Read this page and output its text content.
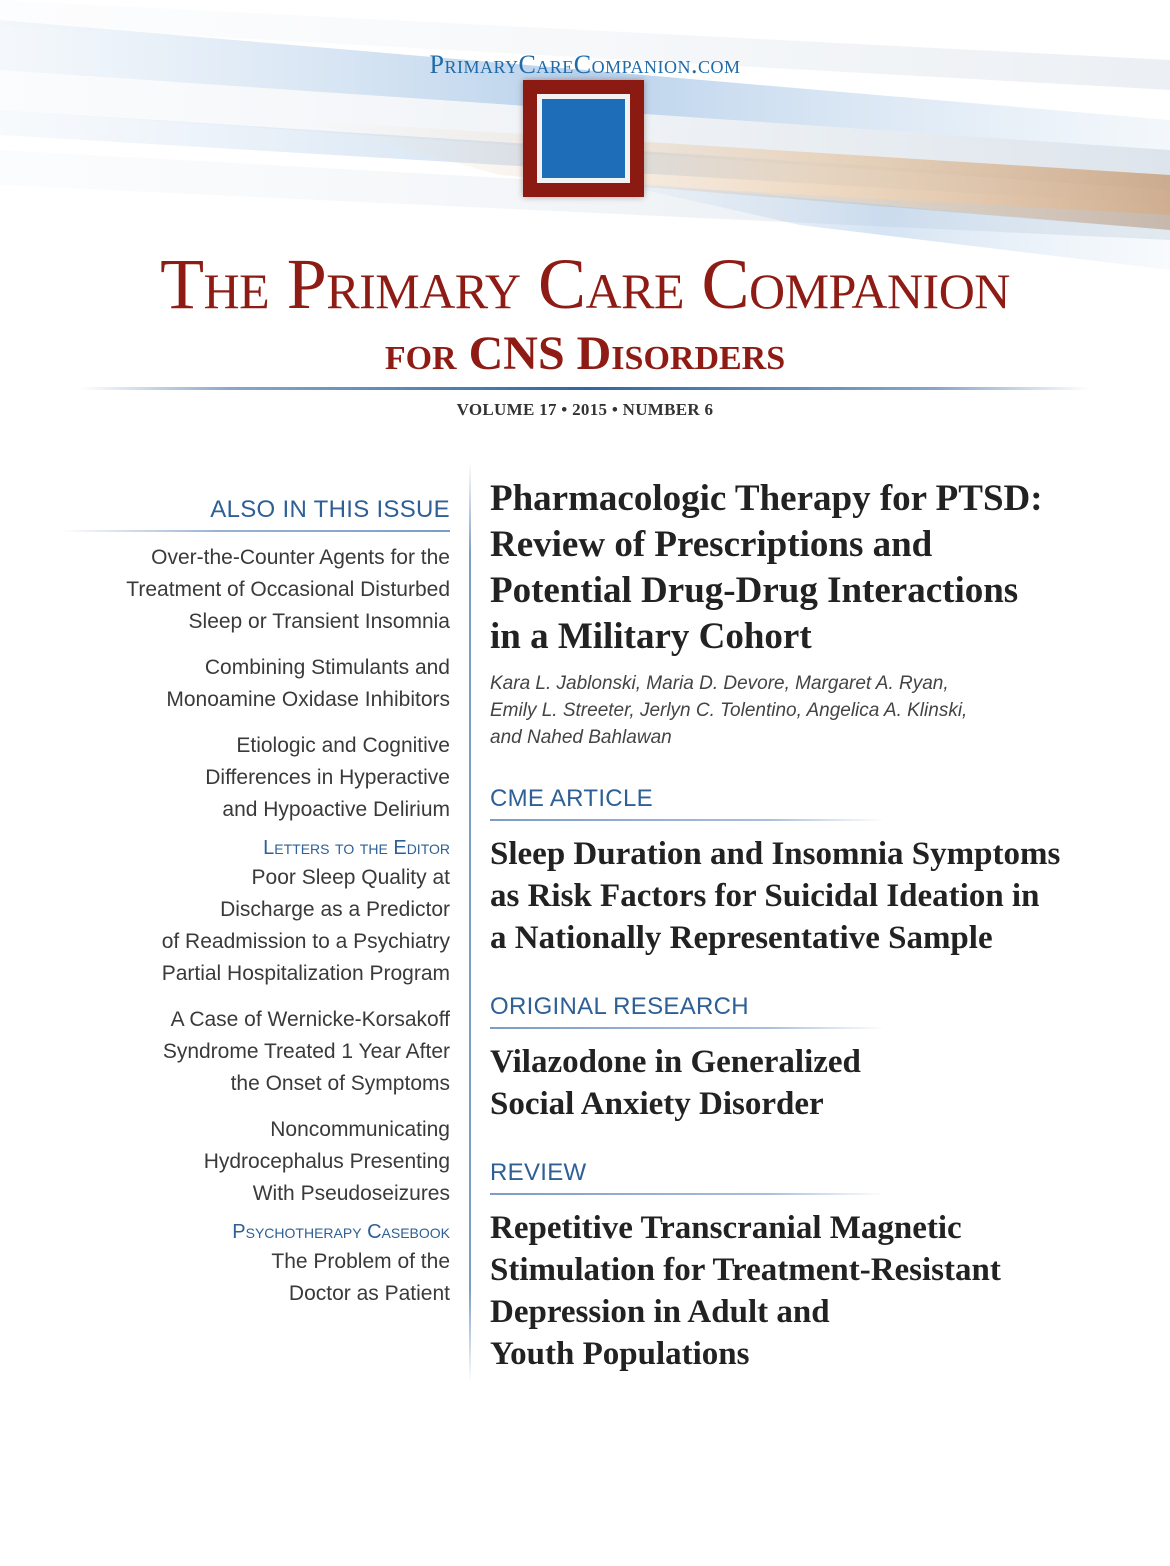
PrimaryCareCompanion.com
The Primary Care Companion
for CNS Disorders
VOLUME 17 • 2015 • NUMBER 6
ALSO IN THIS ISSUE
Over-the-Counter Agents for the
Treatment of Occasional Disturbed
Sleep or Transient Insomnia
Combining Stimulants and
Monoamine Oxidase Inhibitors
Etiologic and Cognitive
Differences in Hyperactive
and Hypoactive Delirium
Letters to the Editor
Poor Sleep Quality at
Discharge as a Predictor
of Readmission to a Psychiatry
Partial Hospitalization Program
A Case of Wernicke-Korsakoff
Syndrome Treated 1 Year After
the Onset of Symptoms
Noncommunicating
Hydrocephalus Presenting
With Pseudoseizures
Psychotherapy Casebook
The Problem of the
Doctor as Patient
Pharmacologic Therapy for PTSD:
Review of Prescriptions and
Potential Drug-Drug Interactions
in a Military Cohort
Kara L. Jablonski, Maria D. Devore, Margaret A. Ryan,
Emily L. Streeter, Jerlyn C. Tolentino, Angelica A. Klinski,
and Nahed Bahlawan
CME ARTICLE
Sleep Duration and Insomnia Symptoms
as Risk Factors for Suicidal Ideation in
a Nationally Representative Sample
ORIGINAL RESEARCH
Vilazodone in Generalized
Social Anxiety Disorder
REVIEW
Repetitive Transcranial Magnetic
Stimulation for Treatment-Resistant
Depression in Adult and
Youth Populations
